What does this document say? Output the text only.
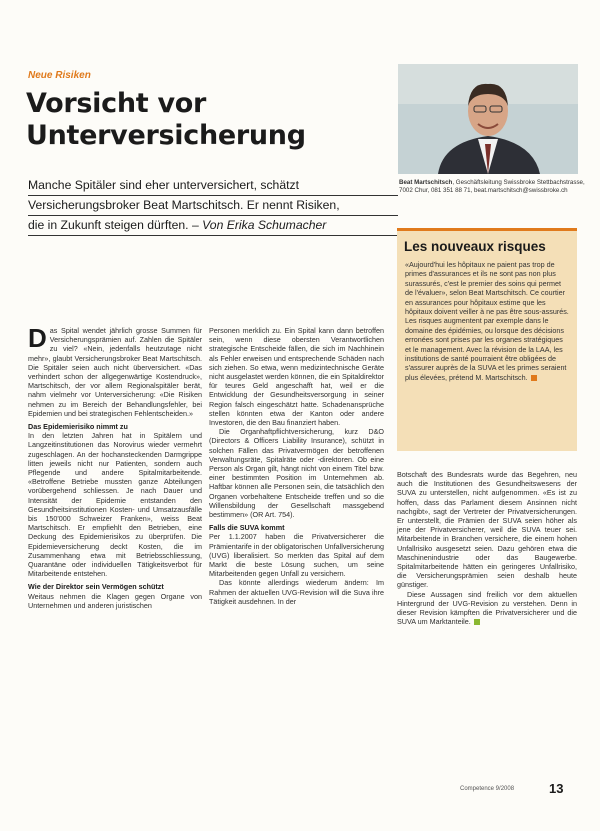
Neue Risiken
Vorsicht vor Unterversicherung
Manche Spitäler sind eher unterversichert, schätzt
Versicherungsbroker Beat Martschitsch. Er nennt Risiken,
die in Zukunft steigen dürften. – Von Erika Schumacher
Beat Martschitsch, Geschäftsleitung Swissbroke Stettbachstrasse, 7002 Chur, 081 351 88 71, beat.martschitsch@swissbroke.ch
Les nouveaux risques

«Aujourd'hui les hôpitaux ne paient pas trop de primes d'assurances et ils ne sont pas non plus surassurés, c'est le premier des soins qui permet de l'évaluer», selon Beat Martschitsch. Ce courtier en assurances pour hôpitaux estime que les hôpitaux doivent veiller à ne pas être sous-assurés. Les risques augmentent par exemple dans le domaine des épidémies, ou lorsque des décisions erronées sont prises par les organes stratégiques et le management. Avec la révision de la LAA, les institutions de santé pourraient être obligées de s'assurer auprès de la SUVA et les primes seraient plus élevées, prétend M. Martschitsch.

Das Spital wendet jährlich grosse Summen für Versicherungsprämien auf. Zahlen die Spitäler zu viel? «Nein, jedenfalls heutzutage nicht mehr», glaubt Versicherungsbroker Beat Martschitsch. Die Spitäler seien auch nicht überversichert. «Das verhindert schon der allgegenwärtige Kostendruck», Martschitsch, der vor allem Regionalspitäler berät, nahm vielmehr vor Unterversicherung: «Die Risiken nehmen zu im Bereich der Behandlungsfehler, bei Epidemien und bei strategischen Fehlentscheiden.»

Das Epidemierisiko nimmt zu

In den letzten Jahren hat in Spitälern und Langzeitinstitutionen das Norovirus wieder vermehrt zugeschlagen. An der hochansteckenden Darmgrippe litten jeweils nicht nur Patienten, sondern auch Pflegende und andere Spitalmitarbeitende. «Betroffene Betriebe mussten ganze Abteilungen vorübergehend schliessen. Je nach Dauer und Intensität der Epidemie entstanden den Gesundheitsinstitutionen Kosten- und Umsatzausfälle bis 150'000 Schweizer Franken», weiss Beat Martschitsch. Er empfiehlt den Betrieben, eine Deckung des Epidemierisikos zu überprüfen. Die Epidemieversicherung deckt Kosten, die im Zusammenhang etwa mit Betriebsschliessung, Quarantäne oder individuellen Tätigkeitsverbot für Mitarbeitende entstehen.

Wie der Direktor sein Vermögen schützt

Weitaus nehmen die Klagen gegen Organe von Unternehmen und anderen juristischen

Personen merklich zu. Ein Spital kann dann betroffen sein, wenn diese obersten Verantwortlichen strategische Entscheide fällen, die sich im Nachhinein als Fehler erweisen und entsprechende Schäden nach sich ziehen. So etwa, wenn medizintechnische Geräte nicht ausgelastet werden können, die ein Spitaldirektor für teures Geld angeschafft hat, weil er die Entwicklung der Gesundheitsversorgung in seiner Region falsch eingeschätzt hatte. Schadenansprüche stellen könnten etwa der Kanton oder andere Investoren, die den Bau finanziert haben.

Die Organhaftpflichtversicherung, kurz D&O (Directors & Officers Liability Insurance), schützt in solchen Fällen das Privatvermögen der betroffenen Verwaltungsräte, Spitalräte oder -direktoren. Ob eine Person als Organ gilt, hängt nicht von einem Titel bzw. einer bestimmten Position im Unternehmen ab. Haftbar können alle Personen sein, die tatsächlich den Organen vorbehaltene Entscheide treffen und so die Willensbildung der Gesellschaft massgebend bestimmen» (OR Art. 754).

Falls die SUVA kommt

Per 1.1.2007 haben die Privatversicherer die Prämientarife in der obligatorischen Unfallversicherung (UVG) liberalisiert. So merkten das Spital auf dem Markt die beste Lösung suchen, um seine Mitarbeitenden gegen Unfall zu versichern.

Das könnte allerdings wiederum ändern: Im Rahmen der aktuellen UVG-Revision will die Suva ihre Tätigkeit ausdehnen. In der

Botschaft des Bundesrats wurde das Begehren, neu auch die Institutionen des Gesundheitswesens der SUVA zu unterstellen, nicht aufgenommen. «Es ist zu hoffen, dass das Parlament diesem Ansinnen nicht nachgibt», sagt der Vertreter der Privatversicherungen. Er unterstellt, die Prämien der SUVA seien höher als jene der Privatversicherer, weil die SUVA teuer sei. Mitarbeitende in Branchen versichere, die einem hohen Unfallrisiko ausgesetzt seien. Dazu gehören etwa die Maschinenindustrie oder das Baugewerbe. Spitalmitarbeitende hätten ein geringeres Unfallrisiko, die Versicherungsprämien seien deshalb heute günstiger.

Diese Aussagen sind freilich vor dem aktuellen Hintergrund der UVG-Revision zu verstehen. Denn in dieser Revision kämpften die Privatversicherer und die SUVA um Marktanteile.

Competence 9/2008	13
